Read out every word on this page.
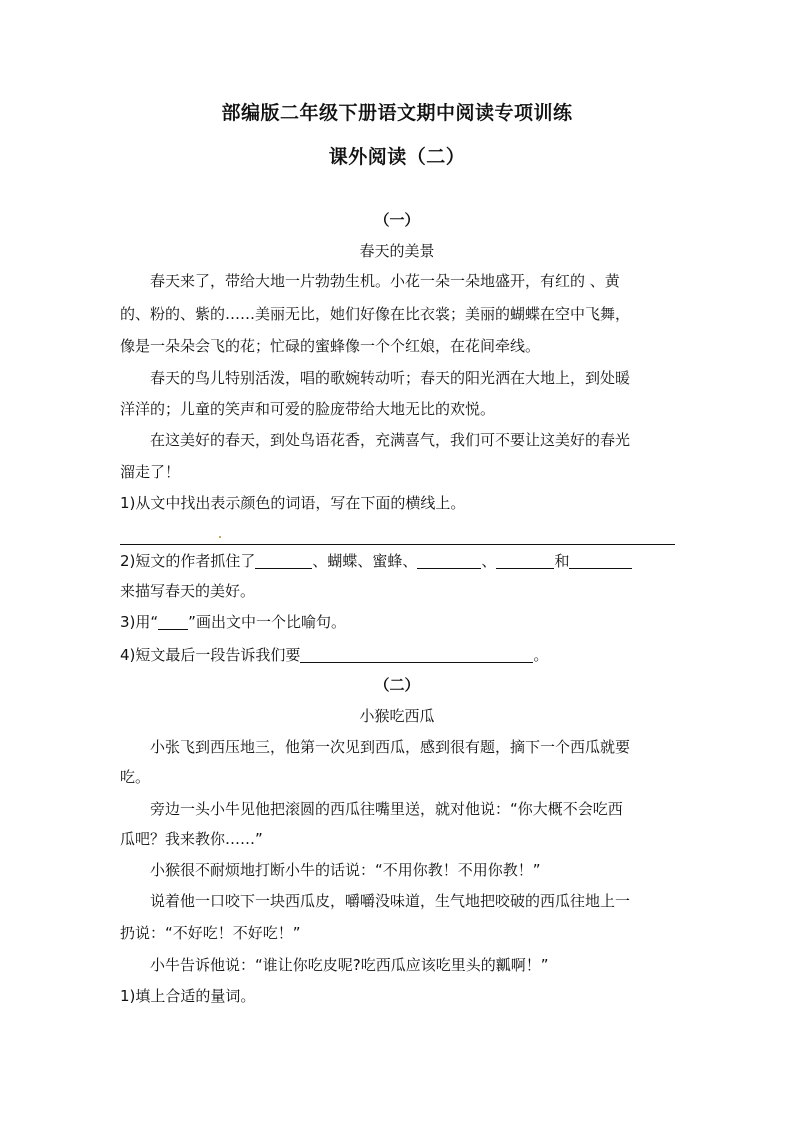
部编版二年级下册语文期中阅读专项训练
课外阅读（二）
（一）
春天的美景
春天来了，带给大地一片勃勃生机。小花一朵一朵地盛开，有红的 、黄
的、粉的、紫的……美丽无比，她们好像在比衣裳；美丽的蝴蝶在空中飞舞，
像是一朵朵会飞的花；忙碌的蜜蜂像一个个红娘，在花间牵线。
春天的鸟儿特别活泼，唱的歌婉转动听；春天的阳光洒在大地上，到处暖
洋洋的；儿童的笑声和可爱的脸庞带给大地无比的欢悦。
在这美好的春天，到处鸟语花香，充满喜气，我们可不要让这美好的春光
溜走了！
1)从文中找出表示颜色的词语，写在下面的横线上。
2)短文的作者抓住了	、蝴蝶、蜜蜂、	、	和
来描写春天的美好。
3)用“ ”画出文中一个比喻句。
4)短文最后一段告诉我们要	。
（二）
小猴吃西瓜
小张飞到西压地三，他第一次见到西瓜，感到很有题，摘下一个西瓜就要
吃。
旁边一头小牛见他把滚圆的西瓜往嘴里送，就对他说：“你大概不会吃西
瓜吧？我来教你……”
小猴很不耐烦地打断小牛的话说：“不用你教！不用你教！”
说着他一口咬下一块西瓜皮，嚼嚼没味道，生气地把咬破的西瓜往地上一
扔说：“不好吃！不好吃！”
小牛告诉他说：“谁让你吃皮呢?吃西瓜应该吃里头的瓤啊！”
1)填上合适的量词。
